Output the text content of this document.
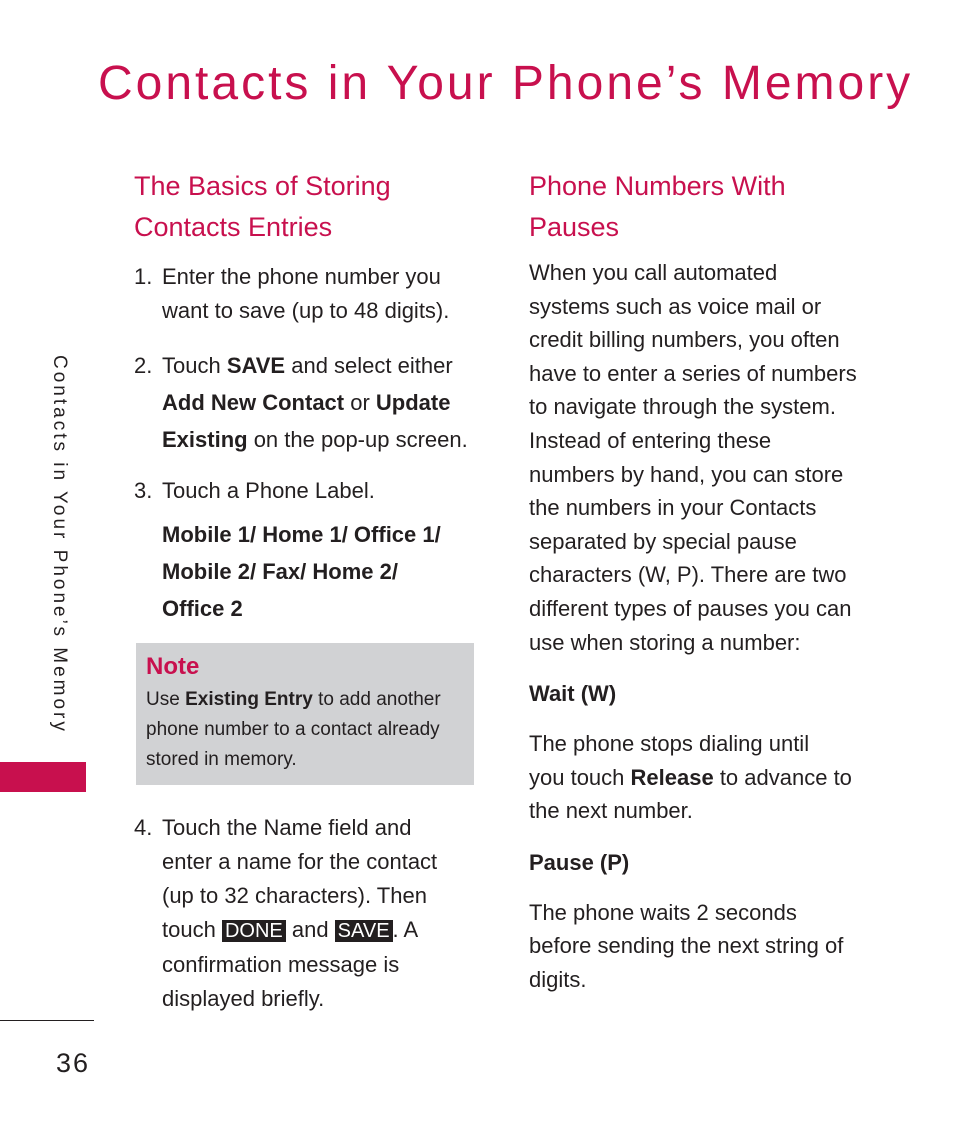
Contacts in Your Phone’s Memory
Contacts in Your Phone’s Memory
36
The Basics of Storing
Contacts Entries
1. Enter the phone number you
want to save (up to 48 digits).
2. Touch SAVE and select either
Add New Contact or Update
Existing on the pop-up screen.
3. Touch a Phone Label.
Mobile 1/ Home 1/ Office 1/
Mobile 2/ Fax/ Home 2/
Office 2
Note
Use Existing Entry to add another
phone number to a contact already
stored in memory.
4. Touch the Name field and
enter a name for the contact
(up to 32 characters). Then
touch DONE and SAVE . A
confirmation message is
displayed briefly.
Phone Numbers With
Pauses

When you call automated
systems such as voice mail or
credit billing numbers, you often
have to enter a series of numbers
to navigate through the system.
Instead of entering these
numbers by hand, you can store
the numbers in your Contacts
separated by special pause
characters (W, P). There are two
different types of pauses you can
use when storing a number:

Wait (W)

The phone stops dialing until
you touch Release to advance to
the next number.

Pause (P)

The phone waits 2 seconds
before sending the next string of
digits.
